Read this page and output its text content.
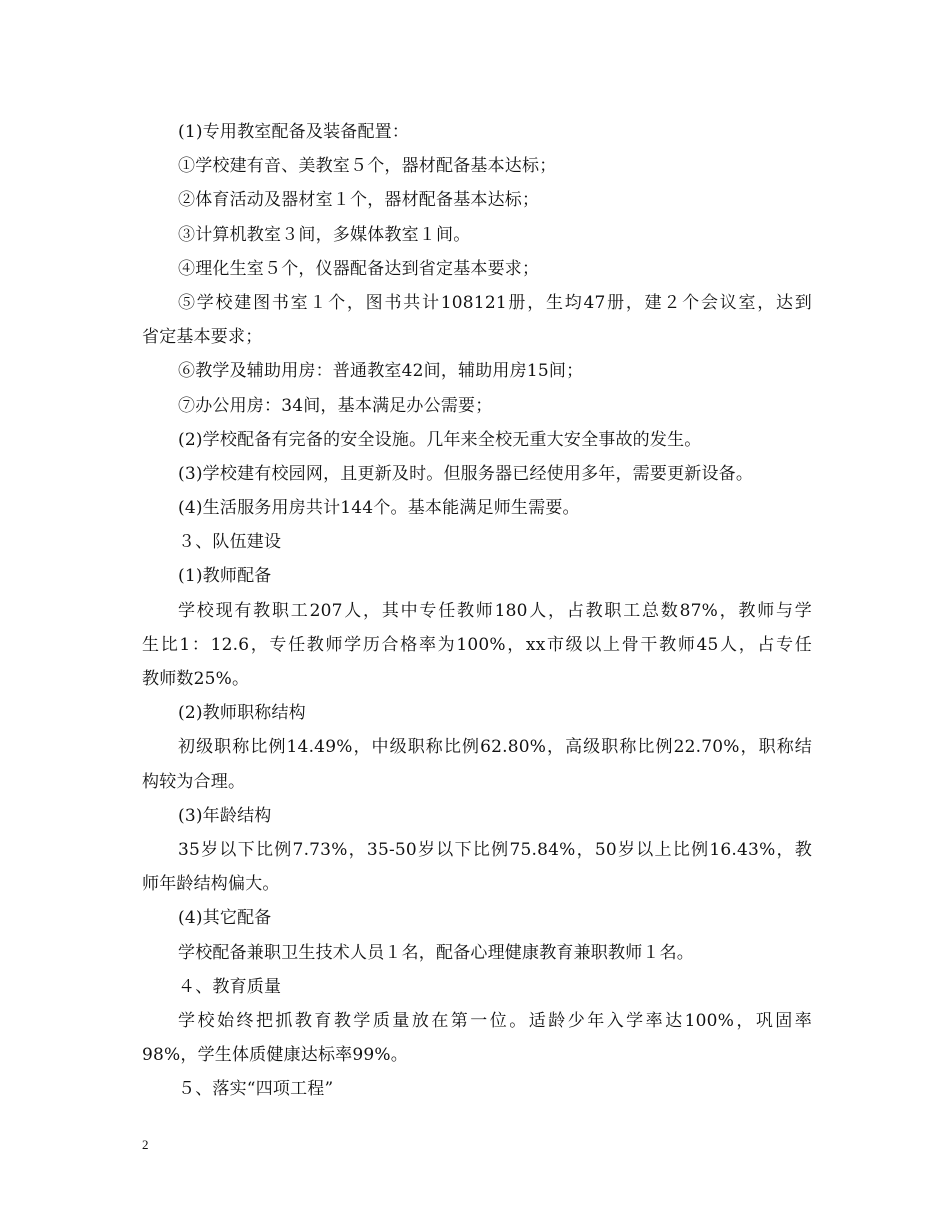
(1)专用教室配备及装备配置：
①学校建有音、美教室５个，器材配备基本达标；
②体育活动及器材室１个，器材配备基本达标；
③计算机教室３间，多媒体教室１间。
④理化生室５个，仪器配备达到省定基本要求；
⑤学校建图书室１个，图书共计108121册，生均47册，建２个会议室，达到
省定基本要求；
⑥教学及辅助用房：普通教室42间，辅助用房15间；
⑦办公用房：34间，基本满足办公需要；
(2)学校配备有完备的安全设施。几年来全校无重大安全事故的发生。
(3)学校建有校园网，且更新及时。但服务器已经使用多年，需要更新设备。
(4)生活服务用房共计144个。基本能满足师生需要。
３、队伍建设
(1)教师配备
学校现有教职工207人，其中专任教师180人，占教职工总数87%，教师与学
生比1：12.6，专任教师学历合格率为100%，xx市级以上骨干教师45人，占专任
教师数25%。
(2)教师职称结构
初级职称比例14.49%，中级职称比例62.80%，高级职称比例22.70%，职称结
构较为合理。
(3)年龄结构
35岁以下比例7.73%，35-50岁以下比例75.84%，50岁以上比例16.43%，教
师年龄结构偏大。
(4)其它配备
学校配备兼职卫生技术人员１名，配备心理健康教育兼职教师１名。
４、教育质量
学校始终把抓教育教学质量放在第一位。适龄少年入学率达100%，巩固率
98%，学生体质健康达标率99%。
５、落实“四项工程”
2
